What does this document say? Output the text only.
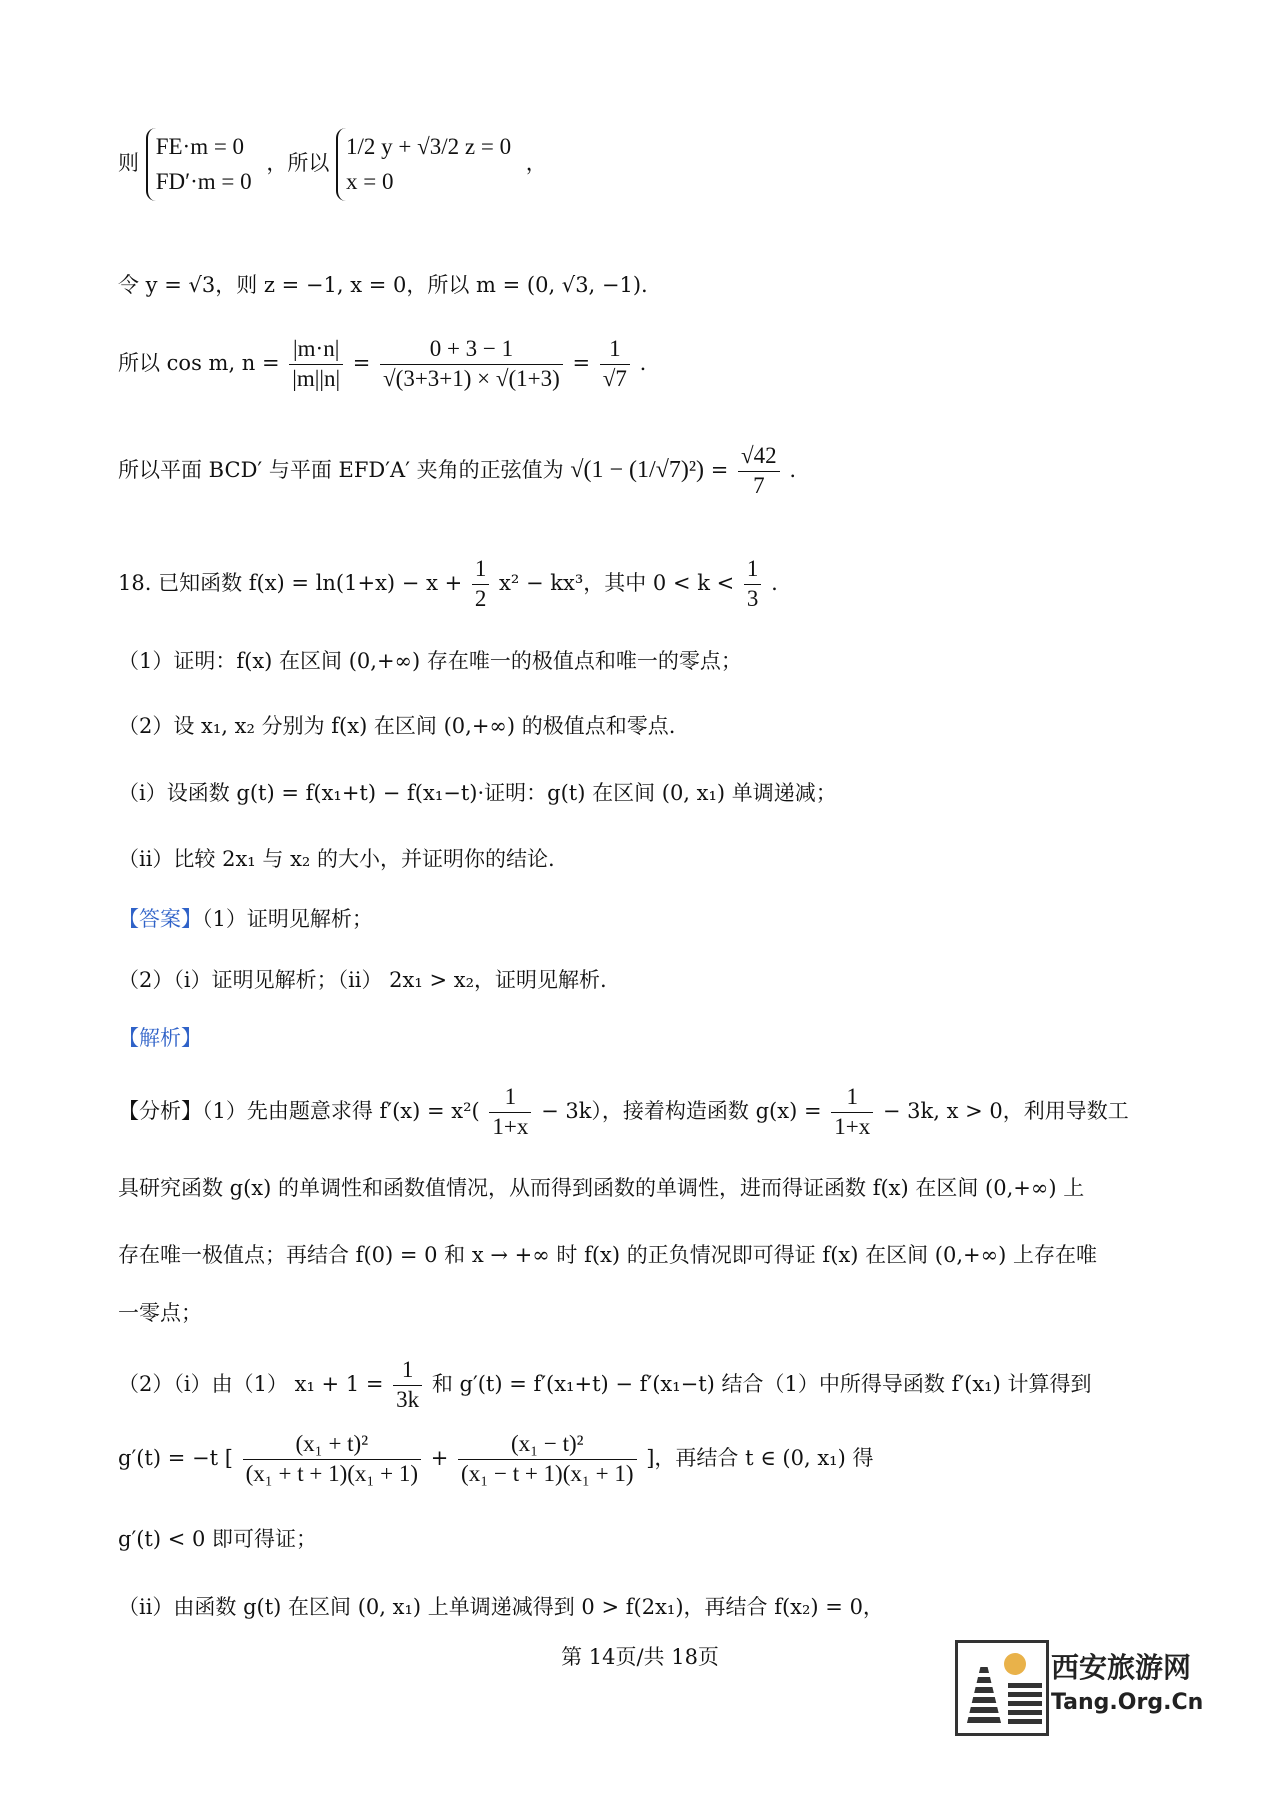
则
FE·m = 0
FD′·m = 0
，所以
1/2 y + √3/2 z = 0
x = 0
，
令 y = √3，则 z = −1, x = 0，所以 m = (0, √3, −1).
所以 cos m, $n = \frac{|m\cdot n|}{|m||n|} = \frac{0 + 3 - 1}{√(3+3+1) \times √(1+3)} = \frac{1}{√7}$ .
所以平面 BCD′ 与平面 EFD′A′ 夹角的正弦值为 $√(1 - (1/√7)^2) = \frac{√42}{7}$ .
18. 已知函数 $f(x) = \ln(1+x) - x + \frac{1}{2} x^2 - kx^3$，其中 $0 < k < \frac{1}{3}$ .
（1）证明：f(x) 在区间 (0,+∞) 存在唯一的极值点和唯一的零点；
（2）设 x₁, x₂ 分别为 f(x) 在区间 (0,+∞) 的极值点和零点.
（i）设函数 g(t) = f(x₁+t) − f(x₁−t)·证明：g(t) 在区间 (0, x₁) 单调递减；
（ii）比较 2x₁ 与 x₂ 的大小，并证明你的结论.
【答案】（1）证明见解析；
（2）（i）证明见解析；（ii） 2x₁ > x₂，证明见解析.
【解析】
【分析】（1）先由题意求得 $f'(x) = x^2( \frac{1}{1+x} - 3k)$，接着构造函数 $g(x) = \frac{1}{1+x} - 3k$, x > 0，利用导数工
具研究函数 g(x) 的单调性和函数值情况，从而得到函数的单调性，进而得证函数 f(x) 在区间 (0,+∞) 上
存在唯一极值点；再结合 f(0) = 0 和 x → +∞ 时 f(x) 的正负情况即可得证 f(x) 在区间 (0,+∞) 上存在唯
一零点；
（2）（i）由（1） $x_1 + 1 = \frac{1}{3k}$ 和 g′(t) = f′(x₁+t) − f′(x₁−t) 结合（1）中所得导函数 f′(x₁) 计算得到
g′(t) = −t [ $\frac{\text{(x₁ + t)²}}{\text{(x₁ + t + 1)(x₁ + 1)}} + \frac{\text{(x₁ − t)²}}{\text{(x₁ − t + 1)(x₁ + 1)}}$ ]，再结合 t ∈ (0, x₁) 得
g′(t) < 0 即可得证；
（ii）由函数 g(t) 在区间 (0, x₁) 上单调递减得到 0 > f(2x₁)，再结合 f(x₂) = 0，
第 14页/共 18页	西安旅游网
Tang.Org.Cn
